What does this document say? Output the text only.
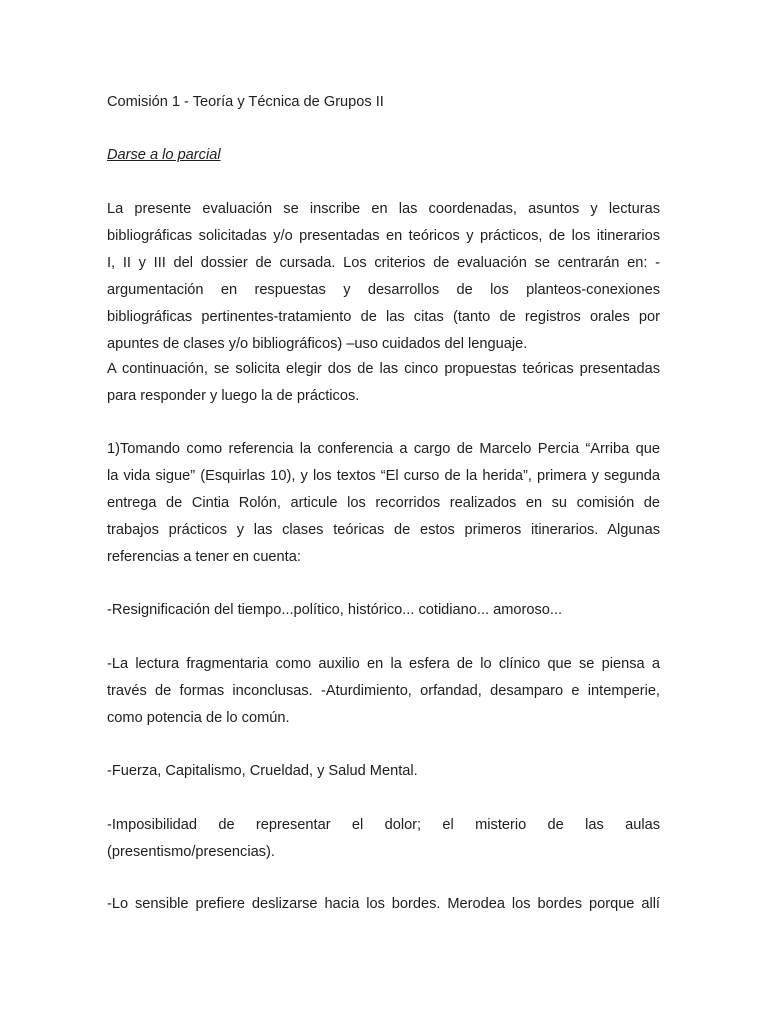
Comisión 1 - Teoría y Técnica de Grupos II

Darse a lo parcial

La presente evaluación se inscribe en las coordenadas, asuntos y lecturas
bibliográficas solicitadas y/o presentadas en teóricos y prácticos, de los itinerarios
I, II y III del dossier de cursada. Los criterios de evaluación se centrarán en: -
argumentación en respuestas y desarrollos de los planteos-conexiones
bibliográficas pertinentes-tratamiento de las citas (tanto de registros orales por
apuntes de clases y/o bibliográficos) –uso cuidados del lenguaje.

A continuación, se solicita elegir dos de las cinco propuestas teóricas presentadas
para responder y luego la de prácticos.

1)Tomando como referencia la conferencia a cargo de Marcelo Percia “Arriba que
la vida sigue” (Esquirlas 10), y los textos “El curso de la herida”, primera y segunda
entrega de Cintia Rolón, articule los recorridos realizados en su comisión de
trabajos prácticos y las clases teóricas de estos primeros itinerarios. Algunas
referencias a tener en cuenta:

-Resignificación del tiempo...político, histórico... cotidiano... amoroso...

-La lectura fragmentaria como auxilio en la esfera de lo clínico que se piensa a
través de formas inconclusas. -Aturdimiento, orfandad, desamparo e intemperie,
como potencia de lo común.

-Fuerza, Capitalismo, Crueldad, y Salud Mental.

-Imposibilidad de representar el dolor; el misterio de las aulas
(presentismo/presencias).

-Lo sensible prefiere deslizarse hacia los bordes. Merodea los bordes porque allí
